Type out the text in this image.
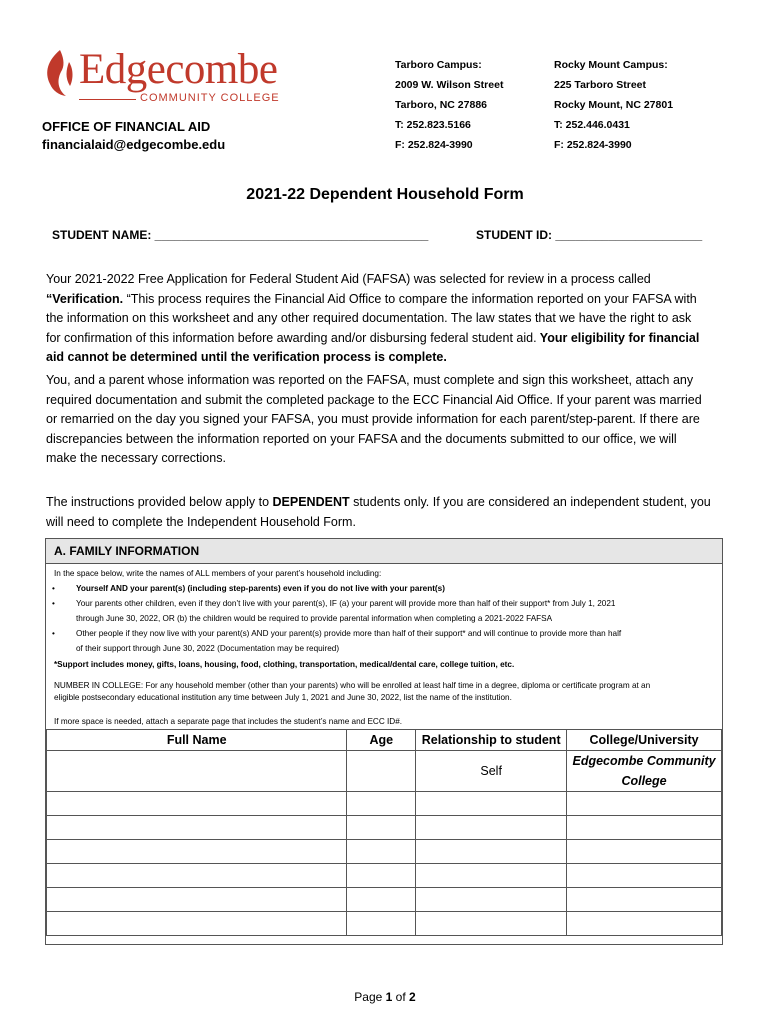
Edgecombe
COMMUNITY COLLEGE
OFFICE OF FINANCIAL AID
financialaid@edgecombe.edu
Tarboro Campus:
2009 W. Wilson Street
Tarboro, NC 27886
T: 252.823.5166
F: 252.824-3990
Rocky Mount Campus:
225 Tarboro Street
Rocky Mount, NC 27801
T: 252.446.0431
F: 252.824-3990
2021-22 Dependent Household Form
STUDENT NAME: _________________________________________	STUDENT ID: ______________________
Your 2021-2022 Free Application for Federal Student Aid (FAFSA) was selected for review in a process called
“Verification. “This process requires the Financial Aid Office to compare the information reported on your FAFSA with
the information on this worksheet and any other required documentation. The law states that we have the right to ask
for confirmation of this information before awarding and/or disbursing federal student aid. Your eligibility for financial
aid cannot be determined until the verification process is complete.
You, and a parent whose information was reported on the FAFSA, must complete and sign this worksheet, attach any
required documentation and submit the completed package to the ECC Financial Aid Office. If your parent was married
or remarried on the day you signed your FAFSA, you must provide information for each parent/step-parent. If there are
discrepancies between the information reported on your FAFSA and the documents submitted to our office, we will
make the necessary corrections.
The instructions provided below apply to DEPENDENT students only. If you are considered an independent student, you
will need to complete the Independent Household Form.
A. FAMILY INFORMATION
In the space below, write the names of ALL members of your parent’s household including:
•	Yourself AND your parent(s) (including step-parents) even if you do not live with your parent(s)
•	Your parents other children, even if they don’t live with your parent(s), IF (a) your parent will provide more than half of their support* from July 1, 2021
through June 30, 2022, OR (b) the children would be required to provide parental information when completing a 2021-2022 FAFSA
•	Other people if they now live with your parent(s) AND your parent(s) provide more than half of their support* and will continue to provide more than half
of their support through June 30, 2022 (Documentation may be required)
*Support includes money, gifts, loans, housing, food, clothing, transportation, medical/dental care, college tuition, etc.
NUMBER IN COLLEGE: For any household member (other than your parents) who will be enrolled at least half time in a degree, diploma or certificate program at an
eligible postsecondary educational institution any time between July 1, 2021 and June 30, 2022, list the name of the institution.
If more space is needed, attach a separate page that includes the student’s name and ECC ID#.
Full Name	Age	Relationship to student	College/University
		Self	Edgecombe Community College

Page 1 of 2
